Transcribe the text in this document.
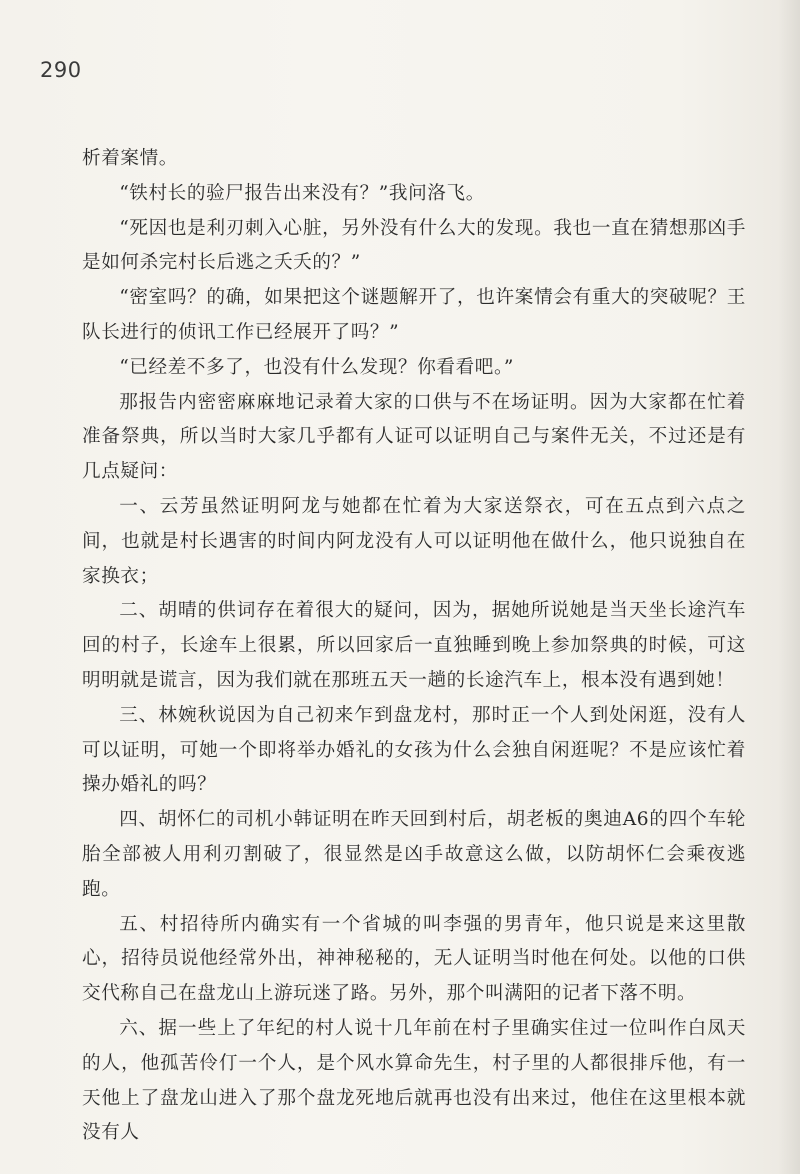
290

析着案情。

“铁村长的验尸报告出来没有？”我问洛飞。

“死因也是利刃刺入心脏，另外没有什么大的发现。我也一直在猜想那凶手是如何杀完村长后逃之夭夭的？”

“密室吗？的确，如果把这个谜题解开了，也许案情会有重大的突破呢？王队长进行的侦讯工作已经展开了吗？”

“已经差不多了，也没有什么发现？你看看吧。”

那报告内密密麻麻地记录着大家的口供与不在场证明。因为大家都在忙着准备祭典，所以当时大家几乎都有人证可以证明自己与案件无关，不过还是有几点疑问：

一、云芳虽然证明阿龙与她都在忙着为大家送祭衣，可在五点到六点之间，也就是村长遇害的时间内阿龙没有人可以证明他在做什么，他只说独自在家换衣；

二、胡晴的供词存在着很大的疑问，因为，据她所说她是当天坐长途汽车回的村子，长途车上很累，所以回家后一直独睡到晚上参加祭典的时候，可这明明就是谎言，因为我们就在那班五天一趟的长途汽车上，根本没有遇到她！

三、林婉秋说因为自己初来乍到盘龙村，那时正一个人到处闲逛，没有人可以证明，可她一个即将举办婚礼的女孩为什么会独自闲逛呢？不是应该忙着操办婚礼的吗？

四、胡怀仁的司机小韩证明在昨天回到村后，胡老板的奥迪A6的四个车轮胎全部被人用利刃割破了，很显然是凶手故意这么做，以防胡怀仁会乘夜逃跑。

五、村招待所内确实有一个省城的叫李强的男青年，他只说是来这里散心，招待员说他经常外出，神神秘秘的，无人证明当时他在何处。以他的口供交代称自己在盘龙山上游玩迷了路。另外，那个叫满阳的记者下落不明。

六、据一些上了年纪的村人说十几年前在村子里确实住过一位叫作白凤天的人，他孤苦伶仃一个人，是个风水算命先生，村子里的人都很排斥他，有一天他上了盘龙山进入了那个盘龙死地后就再也没有出来过，他住在这里根本就没有人
